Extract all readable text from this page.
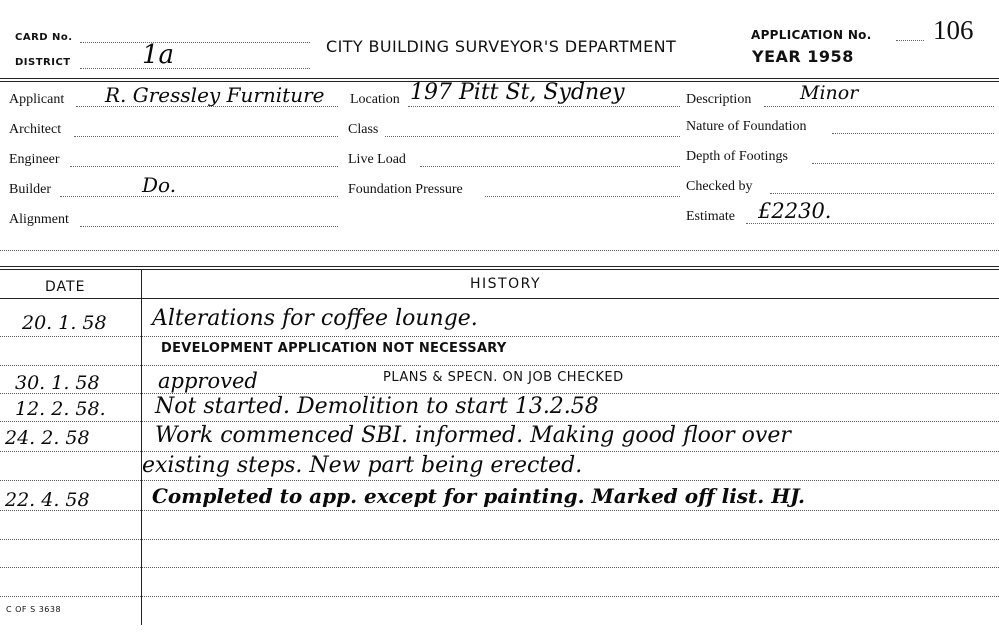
CARD No.
DISTRICT	1a	CITY BUILDING SURVEYOR'S DEPARTMENT
APPLICATION No. 106
YEAR 1958
Applicant R. Gressley Furniture
Architect
Engineer
Builder	Do.
Alignment
Location 197 Pitt St, Sydney
Class
Live Load
Foundation Pressure
Description	Minor
Nature of Foundation
Depth of Footings
Checked by
Estimate £2230.
DATE	HISTORY
20. 1. 58 Alterations for coffee lounge.
DEVELOPMENT APPLICATION NOT NECESSARY
30. 1. 58	approved	PLANS & SPECN. ON JOB CHECKED
12. 2. 58. Not started. Demolition to start 13.2.58
24. 2. 58	Work commenced SBI. informed. Making good floor over
existing steps. New part being erected.
22. 4. 58	Completed to app. except for painting. Marked off list. HJ.
C OF S 3638
